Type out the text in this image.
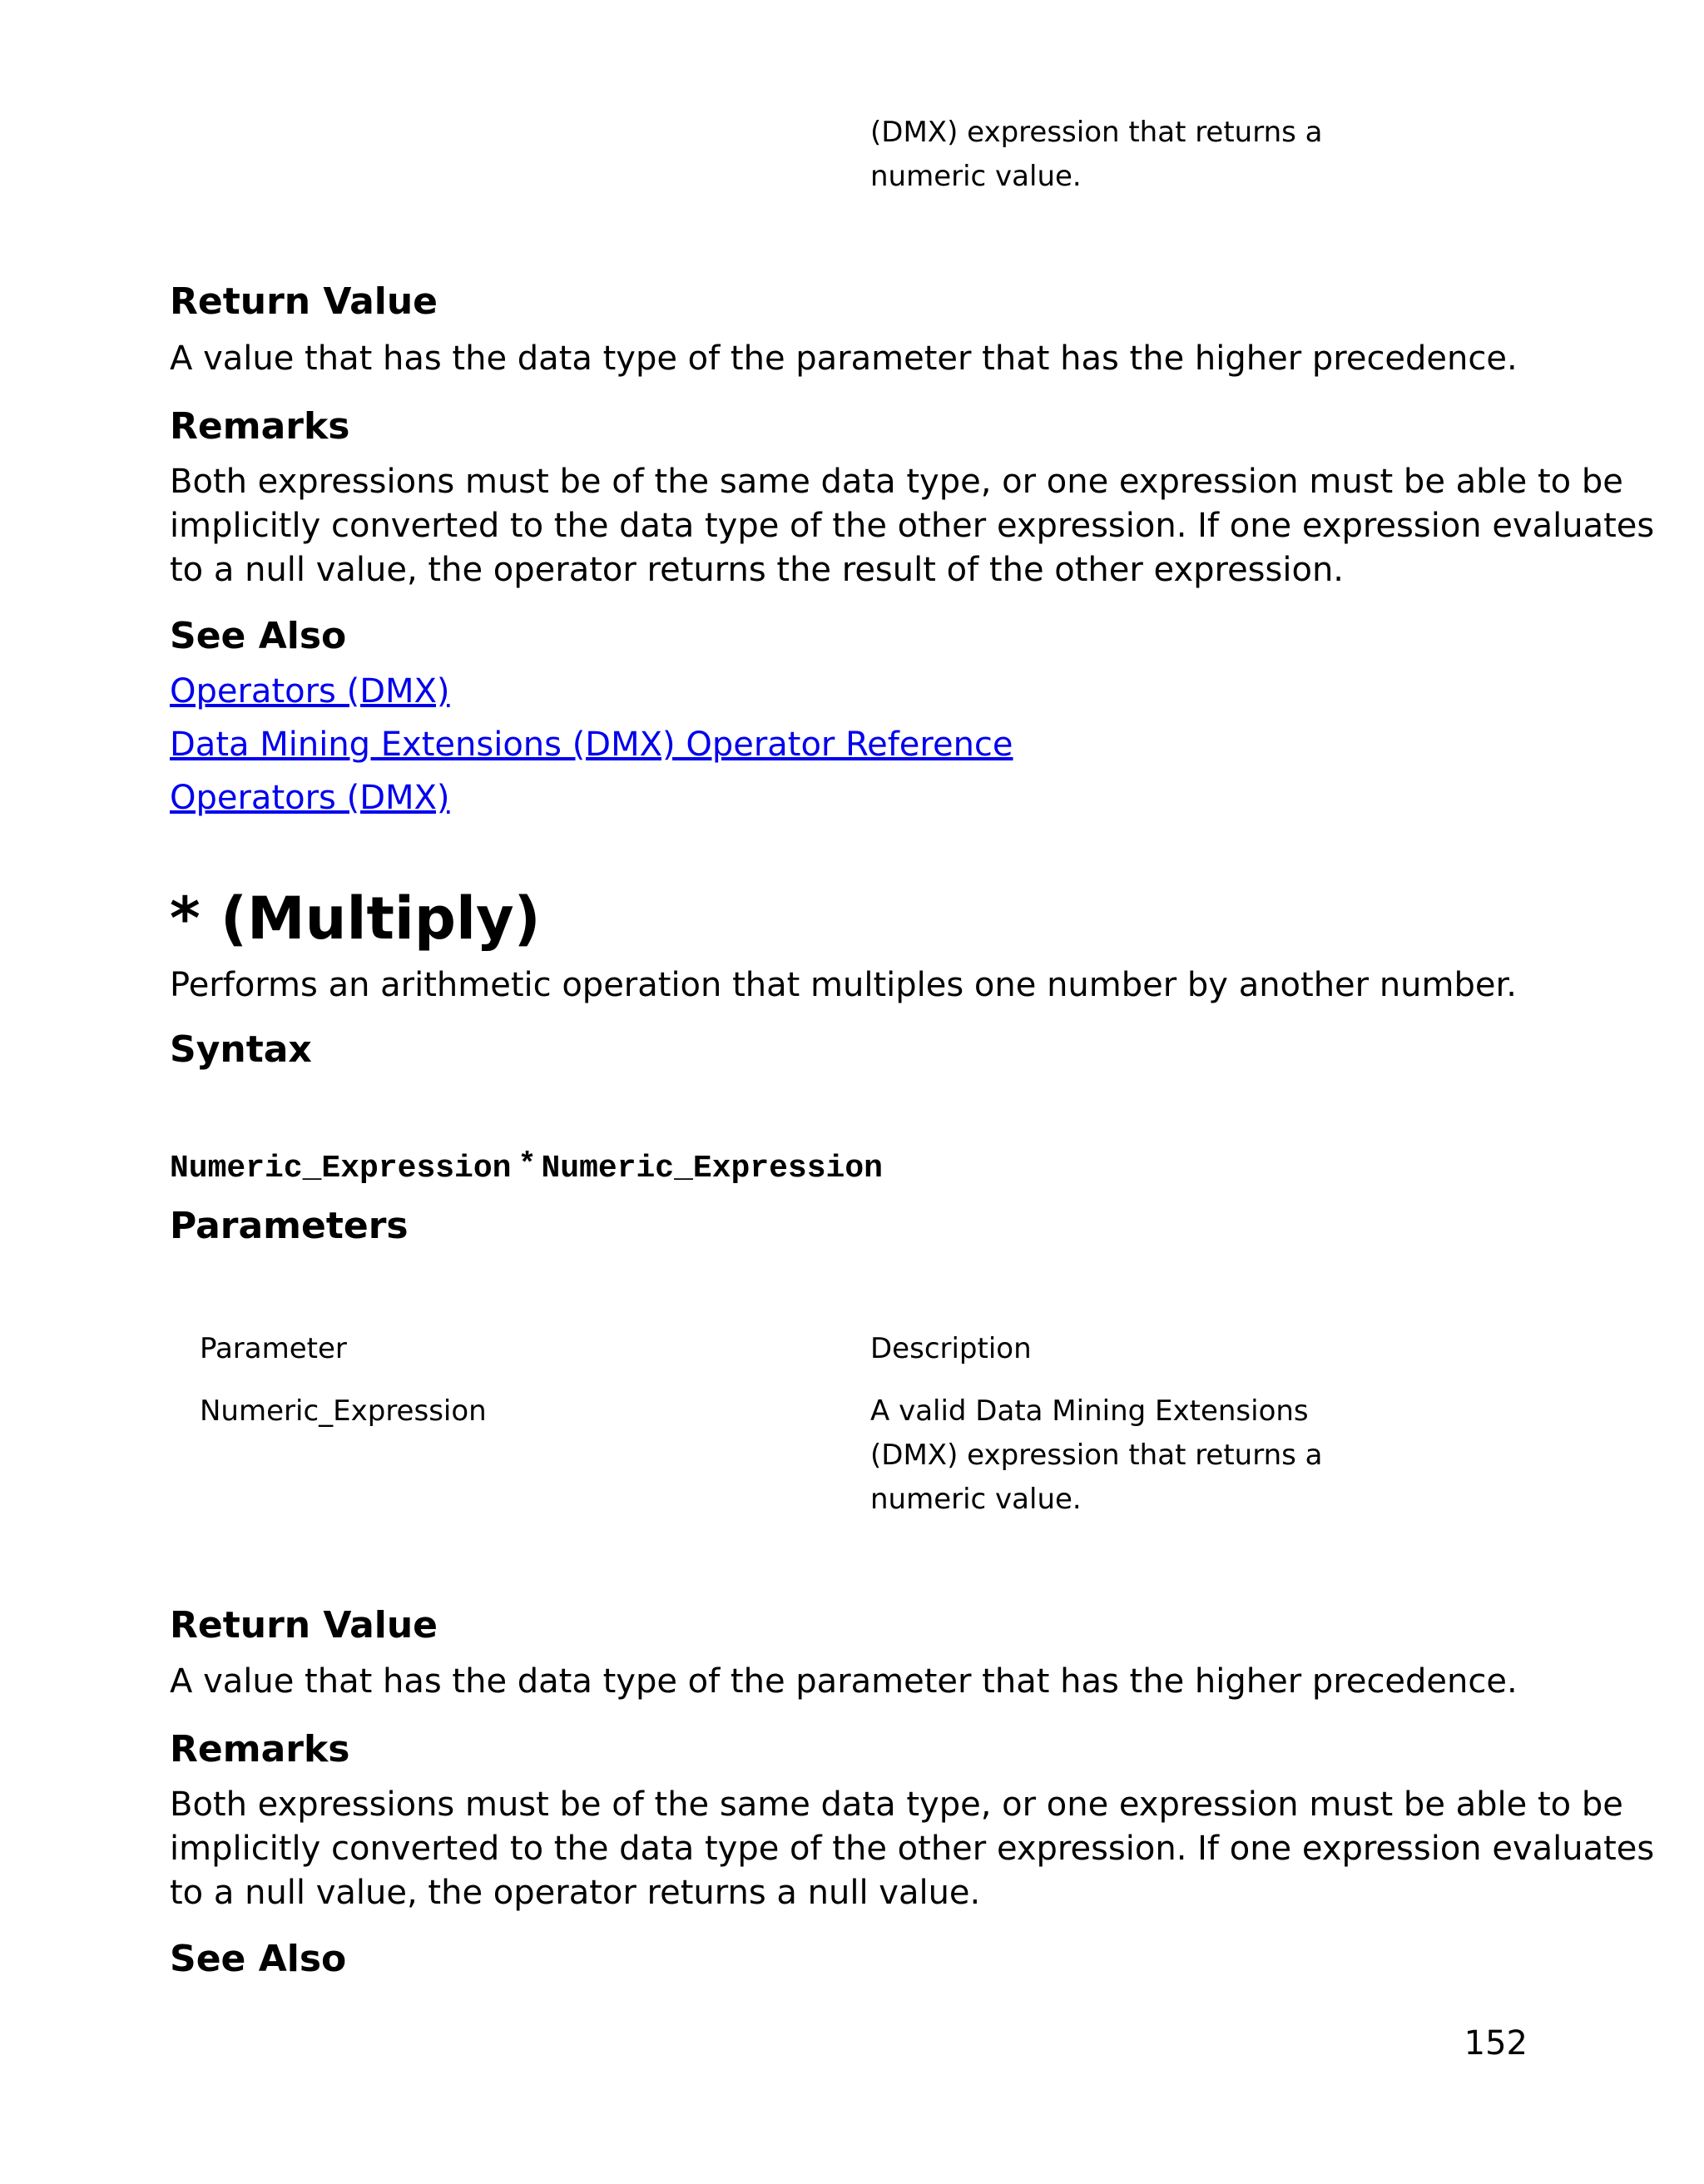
(DMX) expression that returns a
numeric value.
Return Value
A value that has the data type of the parameter that has the higher precedence.
Remarks
Both expressions must be of the same data type, or one expression must be able to be
implicitly converted to the data type of the other expression. If one expression evaluates
to a null value, the operator returns the result of the other expression.
See Also
Operators (DMX)
Data Mining Extensions (DMX) Operator Reference
Operators (DMX)
* (Multiply)
Performs an arithmetic operation that multiples one number by another number.
Syntax
Numeric_Expression * Numeric_Expression
Parameters
Parameter	Description
Numeric_Expression	A valid Data Mining Extensions
(DMX) expression that returns a
numeric value.
Return Value
A value that has the data type of the parameter that has the higher precedence.
Remarks
Both expressions must be of the same data type, or one expression must be able to be
implicitly converted to the data type of the other expression. If one expression evaluates
to a null value, the operator returns a null value.
See Also
152
